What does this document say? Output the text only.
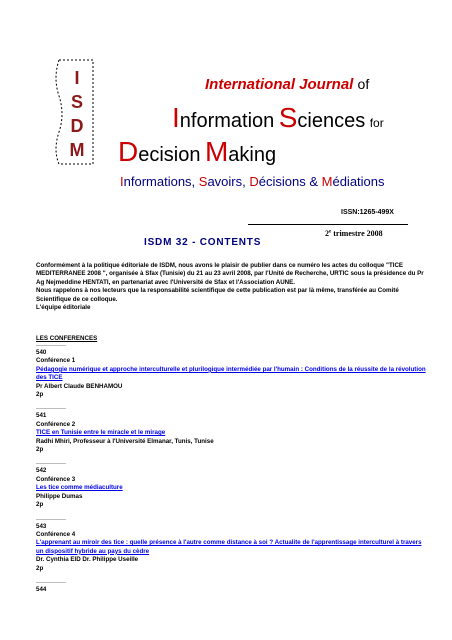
I
S
D
M
International Journal of
Information Sciences for
Decision Making
Informations, Savoirs, Décisions & Médiations
ISSN:1265-499X
2e trimestre 2008
ISDM 32 - CONTENTS
Conformément à la politique éditoriale de ISDM, nous avons le plaisir de publier dans ce numéro les actes du colloque "TICE MEDITERRANEE 2008 ", organisée à Sfax (Tunisie) du 21 au 23 avril 2008, par l'Unité de Recherche, URTIC sous la présidence du Pr Ag Nejmeddine HENTATI, en partenariat avec l'Université de Sfax et l'Association AUNE.
Nous rappelons à nos lecteurs que la responsabilité scientifique de cette publication est par là même, transférée au Comité Scientifique de ce colloque.
L'équipe éditoriale
LES CONFERENCES
540
Conférence 1
Pédagogie numérique et approche interculturelle et plurilogique intermédiée par l'humain : Conditions de la réussite de la révolution des TICE
Pr Albert Claude BENHAMOU
2p
541
Conférence 2
TICE en Tunisie entre le miracle et le mirage
Radhi Mhiri, Professeur à l'Université Elmanar, Tunis, Tunise
2p
542
Conférence 3
Les tice comme médiaculture
Philippe Dumas
2p
543
Conférence 4
L'apprenant au miroir des tice : quelle présence à l'autre comme distance à soi ? Actualite de l'apprentissage interculturel à travers un dispositif hybride au pays du cèdre
Dr. Cynthia EID Dr. Philippe Useille
2p
544
